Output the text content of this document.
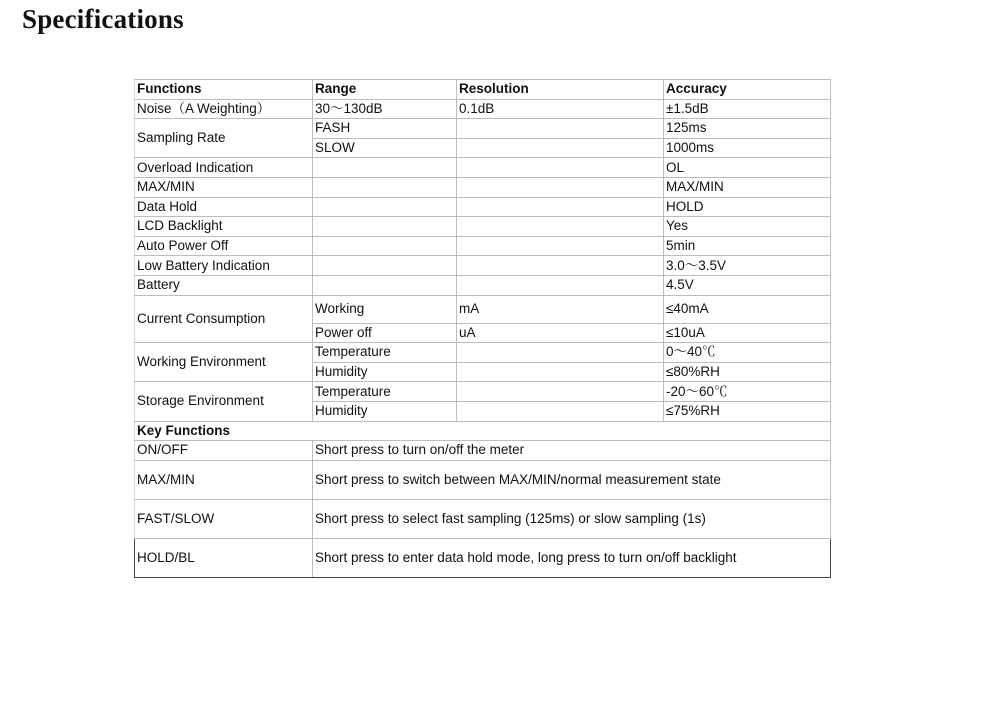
Specifications
Functions	Range	Resolution	Accuracy
Noise（A Weighting）	30～130dB	0.1dB	±1.5dB
Sampling Rate	FASH		125ms
	SLOW		1000ms
Overload Indication			OL
MAX/MIN			MAX/MIN
Data Hold			HOLD
LCD Backlight			Yes
Auto Power Off			5min
Low Battery Indication			3.0～3.5V
Battery			4.5V
Current Consumption	Working	mA	≤40mA
	Power off	uA	≤10uA
Working Environment	Temperature		0～40℃
	Humidity		≤80%RH
Storage Environment	Temperature		-20～60℃
	Humidity		≤75%RH
Key Functions			
ON/OFF	Short press to turn on/off the meter		
MAX/MIN	Short press to switch between MAX/MIN/normal measurement state		
FAST/SLOW	Short press to select fast sampling (125ms) or slow sampling (1s)		
HOLD/BL	Short press to enter data hold mode, long press to turn on/off backlight		
